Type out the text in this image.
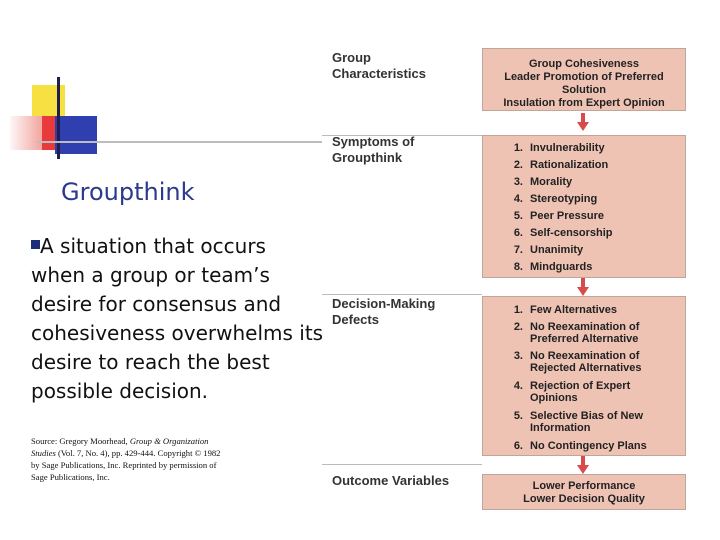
Groupthink
A situation that occurs when a group or team’s desire for consensus and cohesiveness overwhelms its desire to reach the best possible decision.
Source: Gregory Moorhead, Group & Organization Studies (Vol. 7, No. 4), pp. 429-444. Copyright © 1982 by Sage Publications, Inc. Reprinted by permission of Sage Publications, Inc.
Group
Characteristics
Symptoms of
Groupthink
Decision-Making
Defects
Outcome Variables
Group Cohesiveness
Leader Promotion of Preferred Solution
Insulation from Expert Opinion
1. Invulnerability
2. Rationalization
3. Morality
4. Stereotyping
5. Peer Pressure
6. Self-censorship
7. Unanimity
8. Mindguards
1. Few Alternatives
2. No Reexamination of Preferred Alternative
3. No Reexamination of Rejected Alternatives
4. Rejection of Expert Opinions
5. Selective Bias of New Information
6. No Contingency Plans
Lower Performance
Lower Decision Quality
